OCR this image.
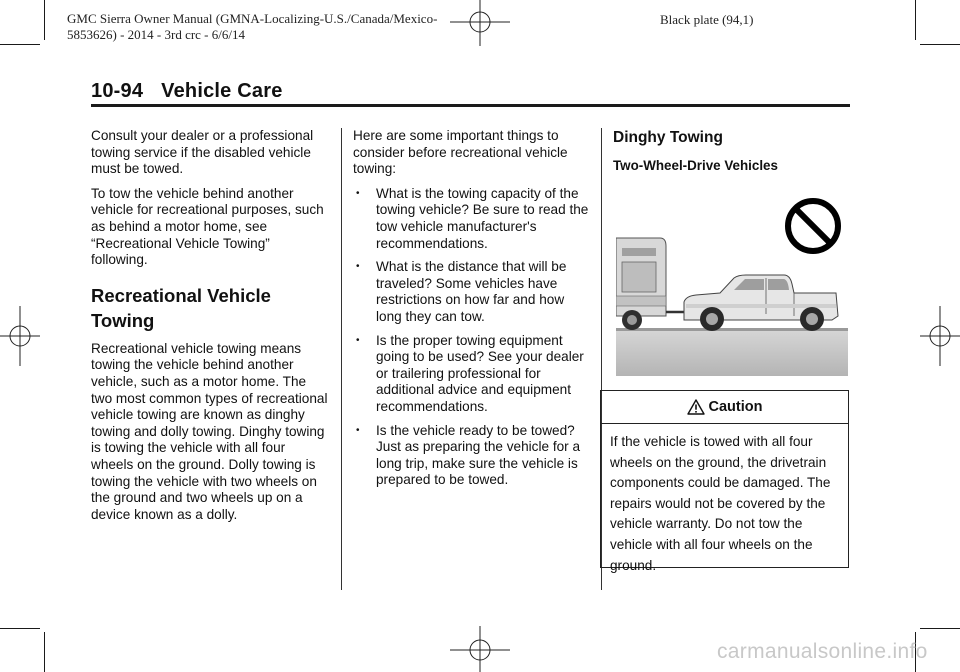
GMC Sierra Owner Manual (GMNA-Localizing-U.S./Canada/Mexico-
5853626) - 2014 - 3rd crc - 6/6/14
Black plate (94,1)
10-94 Vehicle Care

Consult your dealer or a professional towing service if the disabled vehicle must be towed.

To tow the vehicle behind another vehicle for recreational purposes, such as behind a motor home, see “Recreational Vehicle Towing” following.

Recreational Vehicle Towing

Recreational vehicle towing means towing the vehicle behind another vehicle, such as a motor home. The two most common types of recreational vehicle towing are known as dinghy towing and dolly towing. Dinghy towing is towing the vehicle with all four wheels on the ground. Dolly towing is towing the vehicle with two wheels on the ground and two wheels up on a device known as a dolly.

Here are some important things to consider before recreational vehicle towing:

• What is the towing capacity of the towing vehicle? Be sure to read the tow vehicle manufacturer's recommendations.
• What is the distance that will be traveled? Some vehicles have restrictions on how far and how long they can tow.
• Is the proper towing equipment going to be used? See your dealer or trailering professional for additional advice and equipment recommendations.
• Is the vehicle ready to be towed? Just as preparing the vehicle for a long trip, make sure the vehicle is prepared to be towed.
Dinghy Towing
Two-Wheel-Drive Vehicles
Caution
If the vehicle is towed with all four wheels on the ground, the drivetrain components could be damaged. The repairs would not be covered by the vehicle warranty. Do not tow the vehicle with all four wheels on the ground.
carmanualsonline.info
